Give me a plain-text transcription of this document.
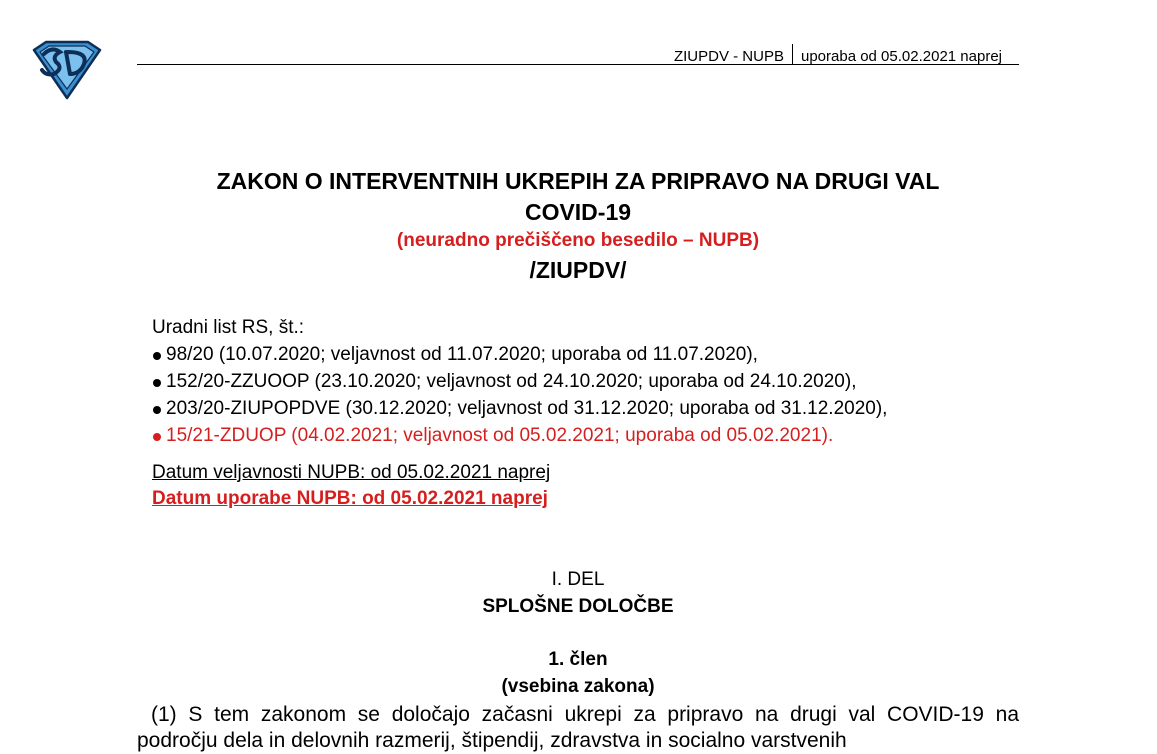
ZIUPDV - NUPB uporaba od 05.02.2021 naprej
ZAKON O INTERVENTNIH UKREPIH ZA PRIPRAVO NA DRUGI VAL
COVID-19
(neuradno prečiščeno besedilo – NUPB)
/ZIUPDV/
Uradni list RS, št.:
98/20 (10.07.2020; veljavnost od 11.07.2020; uporaba od 11.07.2020),
152/20-ZZUOOP (23.10.2020; veljavnost od 24.10.2020; uporaba od 24.10.2020),
203/20-ZIUPOPDVE (30.12.2020; veljavnost od 31.12.2020; uporaba od 31.12.2020),
15/21-ZDUOP (04.02.2021; veljavnost od 05.02.2021; uporaba od 05.02.2021).
Datum veljavnosti NUPB: od 05.02.2021 naprej
Datum uporabe NUPB: od 05.02.2021 naprej
I. DEL
SPLOŠNE DOLOČBE
1. člen
(vsebina zakona)

(1) S tem zakonom se določajo začasni ukrepi za pripravo na drugi val COVID-19 na področju dela in delovnih razmerij, štipendij, zdravstva in socialno varstvenih
